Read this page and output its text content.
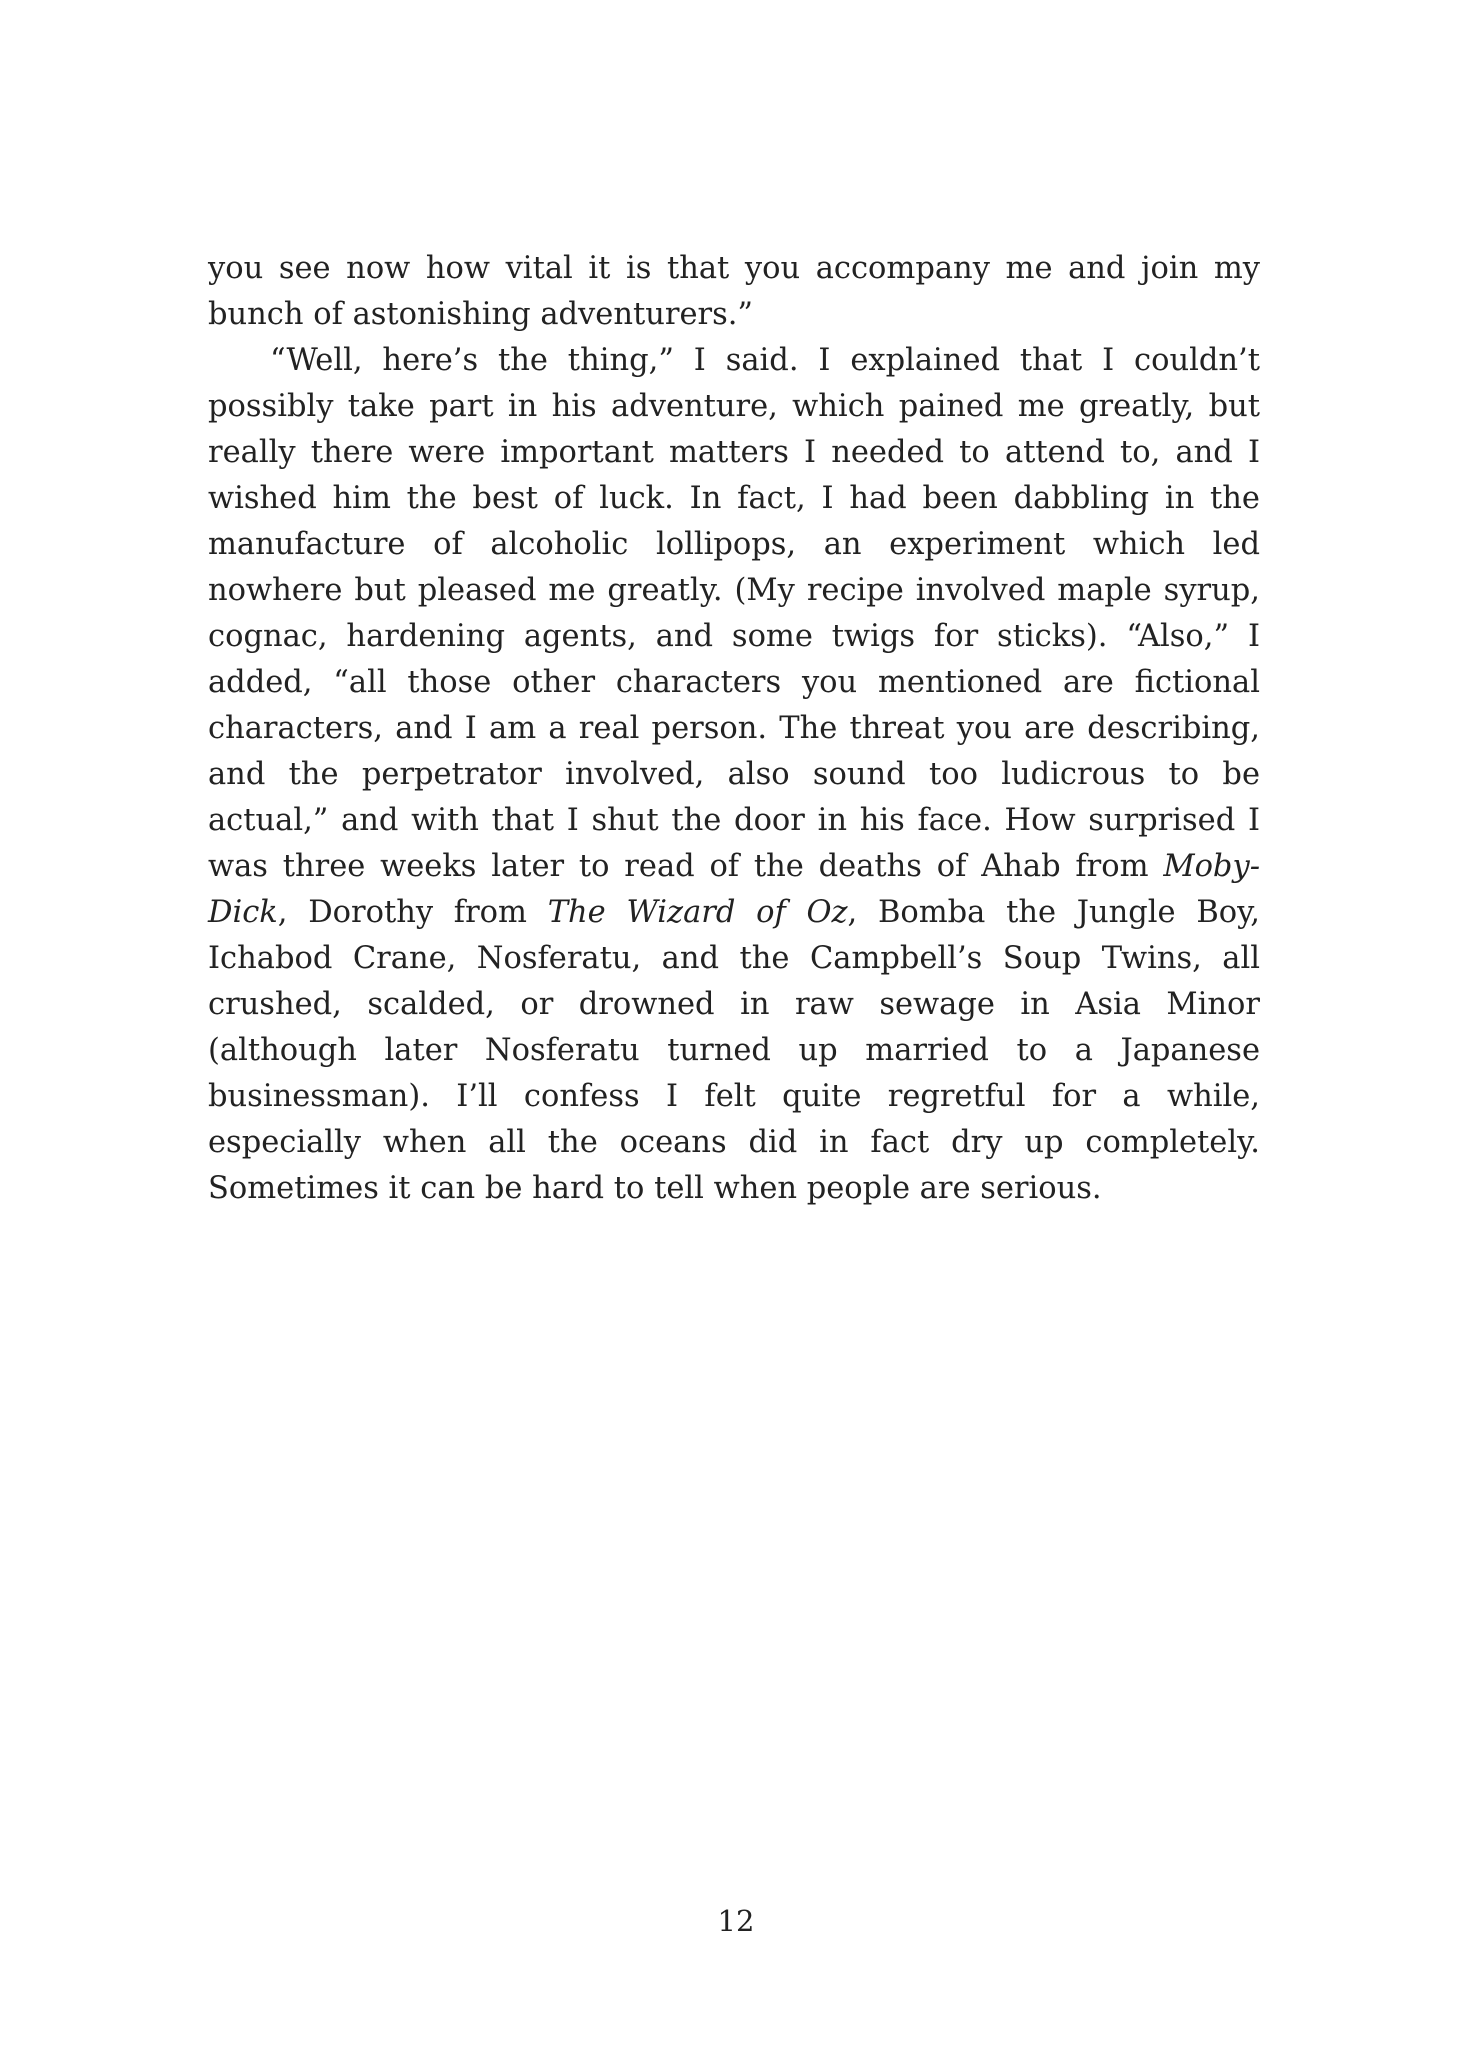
you see now how vital it is that you accompany me and join my bunch of astonishing adventurers.”

“Well, here’s the thing,” I said. I explained that I couldn’t possibly take part in his adventure, which pained me greatly, but really there were important matters I needed to attend to, and I wished him the best of luck. In fact, I had been dabbling in the manufacture of alcoholic lollipops, an experiment which led nowhere but pleased me greatly. (My recipe involved maple syrup, cognac, hardening agents, and some twigs for sticks). “Also,” I added, “all those other characters you mentioned are fictional characters, and I am a real person. The threat you are describing, and the perpetrator involved, also sound too ludicrous to be actual,” and with that I shut the door in his face. How surprised I was three weeks later to read of the deaths of Ahab from Moby-Dick, Dorothy from The Wizard of Oz, Bomba the Jungle Boy, Ichabod Crane, Nosferatu, and the Campbell’s Soup Twins, all crushed, scalded, or drowned in raw sewage in Asia Minor (although later Nosferatu turned up married to a Japanese businessman). I’ll confess I felt quite regretful for a while, especially when all the oceans did in fact dry up completely. Sometimes it can be hard to tell when people are serious.

12
